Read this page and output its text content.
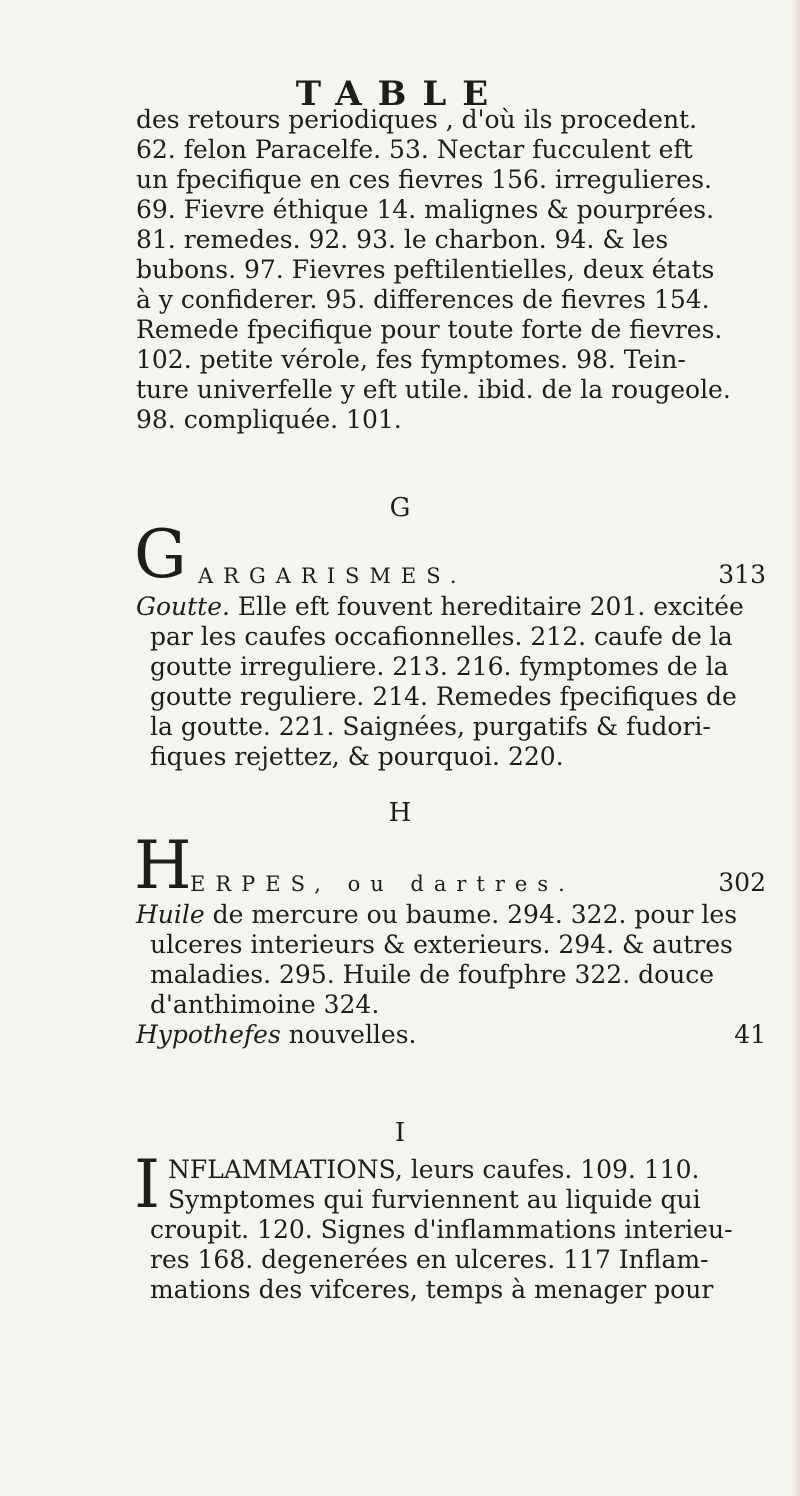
TABLE
des retours periodiques , d'où ils procedent.
62. felon Paracelfe. 53. Nectar fucculent eft
un fpecifique en ces fievres 156. irregulieres.
69. Fievre éthique 14. malignes & pourprées.
81. remedes. 92. 93. le charbon. 94. & les
bubons. 97. Fievres peftilentielles, deux états
à y confiderer. 95. differences de fievres 154.
Remede fpecifique pour toute forte de fievres.
102. petite vérole, fes fymptomes. 98. Tein-
ture univerfelle y eft utile. ibid. de la rougeole.
98. compliquée. 101.
G
G ARGARISMES.	313
Goutte. Elle eft fouvent hereditaire 201. excitée
par les caufes occafionnelles. 212. caufe de la
goutte irreguliere. 213. 216. fymptomes de la
goutte reguliere. 214. Remedes fpecifiques de
la goutte. 221. Saignées, purgatifs & fudori-
fiques rejettez, & pourquoi. 220.
H
H
ERPES, ou dartres.	302
Huile de mercure ou baume. 294. 322. pour les
ulceres interieurs & exterieurs. 294. & autres
maladies. 295. Huile de foufphre 322. douce
d'anthimoine 324.
Hypothefes nouvelles.	41
I
I NFLAMMATIONS, leurs caufes. 109. 110.
Symptomes qui furviennent au liquide qui
croupit. 120. Signes d'inflammations interieu-
res 168. degenerées en ulceres. 117 Inflam-
mations des vifceres, temps à menager pour
